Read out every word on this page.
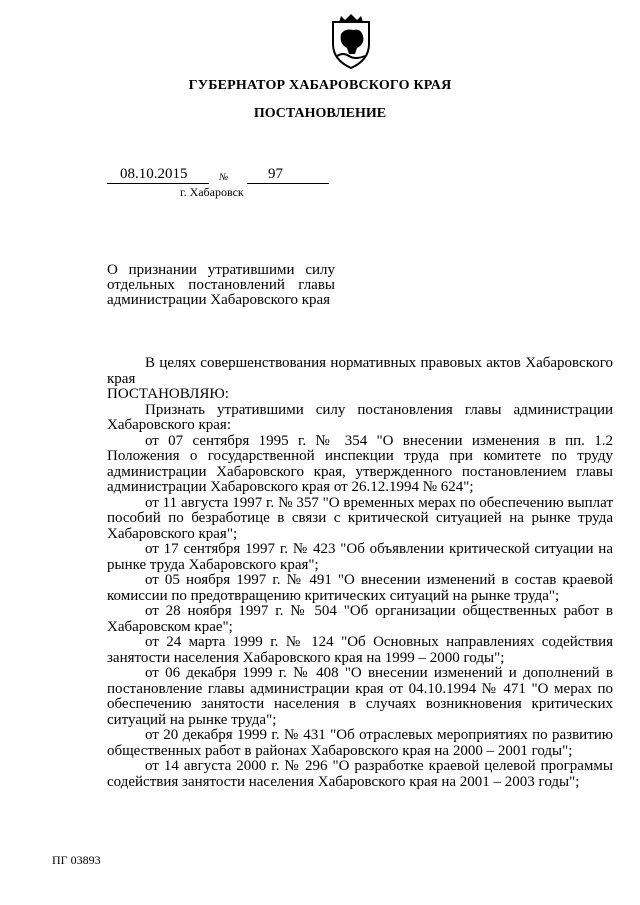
ГУБЕРНАТОР ХАБАРОВСКОГО КРАЯ
ПОСТАНОВЛЕНИЕ
08.10.2015	№	97
г. Хабаровск
О признании утратившими силу отдельных постановлений главы администрации Хабаровского края

В целях совершенствования нормативных правовых актов Хабаровского края

ПОСТАНОВЛЯЮ:

Признать утратившими силу постановления главы администрации Хабаровского края:

от 07 сентября 1995 г. № 354 "О внесении изменения в пп. 1.2 Положения о государственной инспекции труда при комитете по труду администрации Хабаровского края, утвержденного постановлением главы администрации Хабаровского края от 26.12.1994 № 624";

от 11 августа 1997 г. № 357 "О временных мерах по обеспечению выплат пособий по безработице в связи с критической ситуацией на рынке труда Хабаровского края";

от 17 сентября 1997 г. № 423 "Об объявлении критической ситуации на рынке труда Хабаровского края";

от 05 ноября 1997 г. № 491 "О внесении изменений в состав краевой комиссии по предотвращению критических ситуаций на рынке труда";

от 28 ноября 1997 г. № 504 "Об организации общественных работ в Хабаровском крае";

от 24 марта 1999 г. № 124 "Об Основных направлениях содействия занятости населения Хабаровского края на 1999 – 2000 годы";

от 06 декабря 1999 г. № 408 "О внесении изменений и дополнений в постановление главы администрации края от 04.10.1994 № 471 "О мерах по обеспечению занятости населения в случаях возникновения критических ситуаций на рынке труда";

от 20 декабря 1999 г. № 431 "Об отраслевых мероприятиях по развитию общественных работ в районах Хабаровского края на 2000 – 2001 годы";

от 14 августа 2000 г. № 296 "О разработке краевой целевой программы содействия занятости населения Хабаровского края на 2001 – 2003 годы";

ПГ 03893
